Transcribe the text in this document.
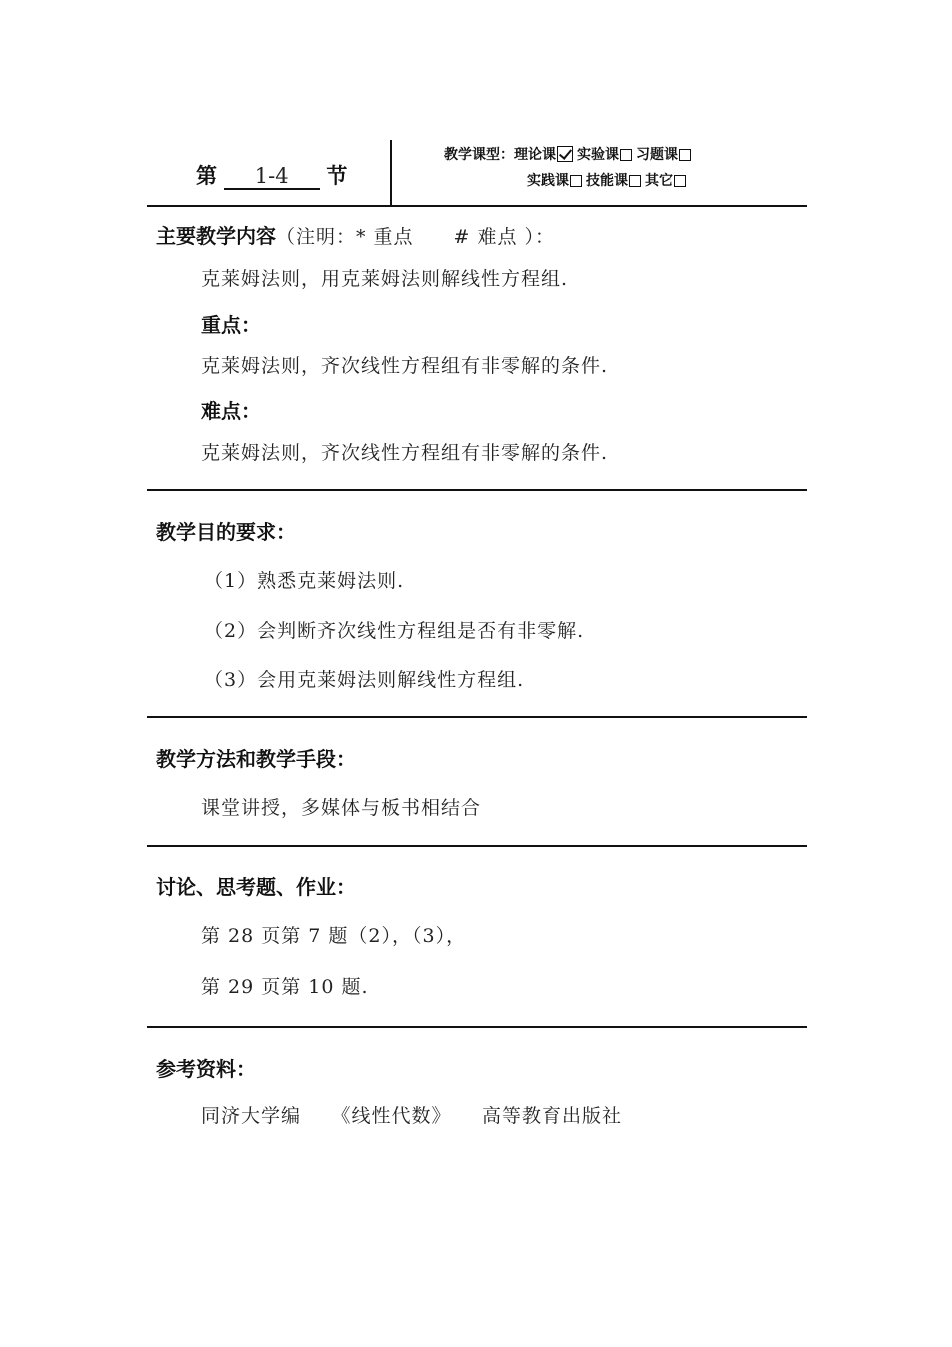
第 1-4 节
教学课型：理论课 实验课 习题课
实践课 技能课 其它
主要教学内容（注明：* 重点　　# 难点 ）：
克莱姆法则，用克莱姆法则解线性方程组.
重点：
克莱姆法则，齐次线性方程组有非零解的条件.
难点：
克莱姆法则，齐次线性方程组有非零解的条件.
教学目的要求：
（1）熟悉克莱姆法则.
（2）会判断齐次线性方程组是否有非零解.
（3）会用克莱姆法则解线性方程组.
教学方法和教学手段：
课堂讲授，多媒体与板书相结合
讨论、思考题、作业：
第 28 页第 7 题（2），（3），
第 29 页第 10 题.
参考资料：
同济大学编　　《线性代数》　　高等教育出版社
